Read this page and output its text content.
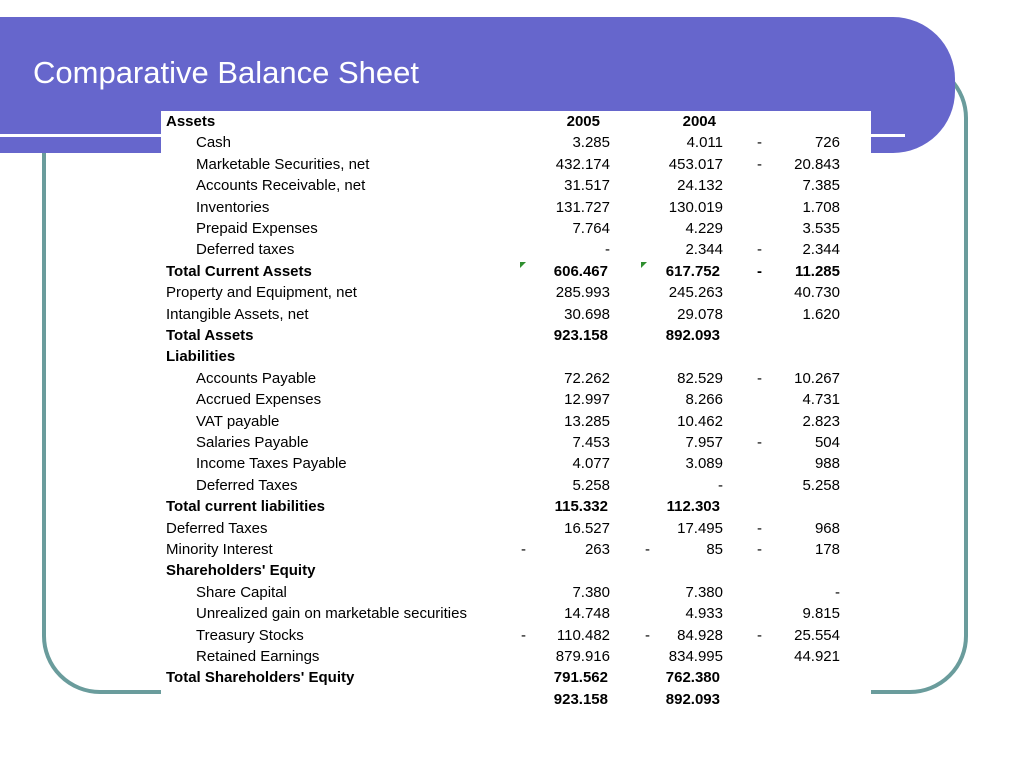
Comparative Balance Sheet
Assets	2005	2004
Cash	3.285	4.011 -	726
Marketable Securities, net	432.174	453.017 - 20.843
Accounts Receivable, net	31.517	24.132	7.385
Inventories	131.727	130.019	1.708
Prepaid Expenses	7.764	4.229	3.535
Deferred taxes	-	2.344 -	2.344
Total Current Assets	606.467	617.752 - 11.285
Property and Equipment, net	285.993	245.263	40.730
Intangible Assets, net	30.698	29.078	1.620
Total Assets	923.158	892.093
Liabilities
Accounts Payable	72.262	82.529 - 10.267
Accrued Expenses	12.997	8.266	4.731
VAT payable	13.285	10.462	2.823
Salaries Payable	7.453	7.957 -	504
Income Taxes Payable	4.077	3.089	988
Deferred Taxes	5.258	-	5.258
Total current liabilities	115.332	112.303
Deferred Taxes	16.527	17.495 -	968
Minority Interest	-	263 -	85 -	178
Shareholders' Equity
Share Capital	7.380	7.380	-
Unrealized gain on marketable securities	14.748	4.933	9.815
Treasury Stocks	- 110.482 - 84.928 - 25.554
Retained Earnings	879.916	834.995	44.921
Total Shareholders' Equity	791.562	762.380
923.158	892.093
